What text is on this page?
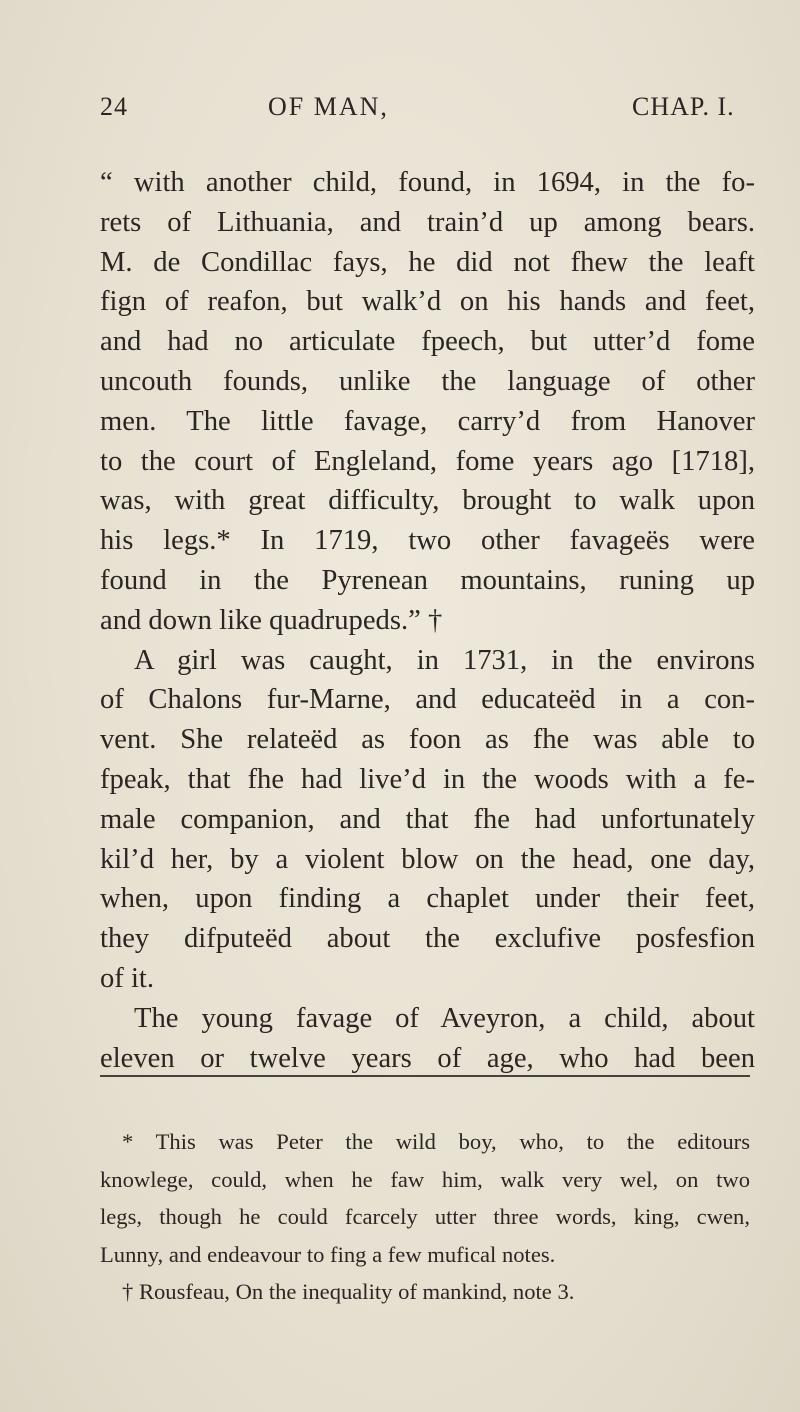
24	OF MAN,	CHAP. I.
“ with another child, found, in 1694, in the fo-
rets of Lithuania, and train’d up among bears.
M. de Condillac fays, he did not fhew the leaft
fign of reafon, but walk’d on his hands and feet,
and had no articulate fpeech, but utter’d fome
uncouth founds, unlike the language of other
men. The little favage, carry’d from Hanover
to the court of Engleland, fome years ago [1718],
was, with great difficulty, brought to walk upon
his legs.* In 1719, two other favageës were
found in the Pyrenean mountains, runing up
and down like quadrupeds.” †
A girl was caught, in 1731, in the environs
of Chalons fur-Marne, and educateëd in a con-
vent. She relateëd as foon as fhe was able to
fpeak, that fhe had live’d in the woods with a fe-
male companion, and that fhe had unfortunately
kil’d her, by a violent blow on the head, one day,
when, upon finding a chaplet under their feet,
they difputeëd about the exclufive posfesfion
of it.
The young favage of Aveyron, a child, about
eleven or twelve years of age, who had been
* This was Peter the wild boy, who, to the editours
knowlege, could, when he faw him, walk very wel, on two
legs, though he could fcarcely utter three words, king, cwen,
Lunny, and endeavour to fing a few mufical notes.
† Rousfeau, On the inequality of mankind, note 3.
